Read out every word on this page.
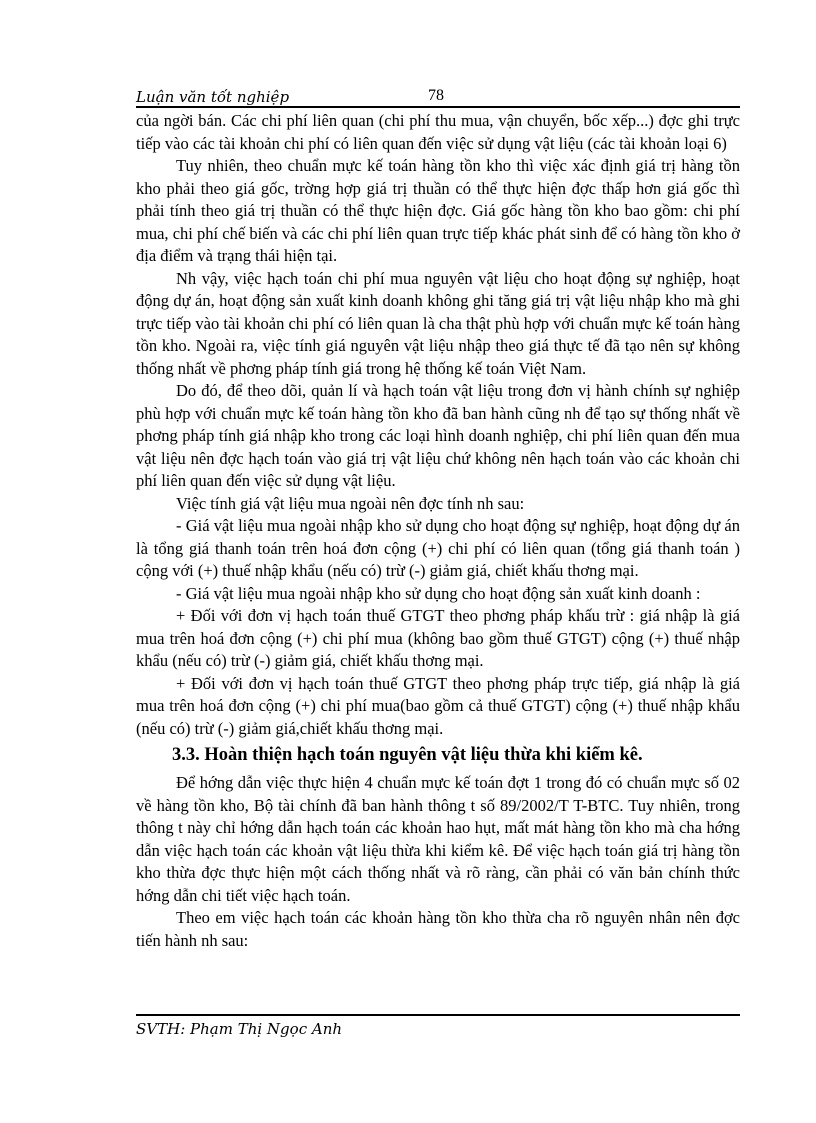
Luận văn tốt nghiệp	78

của ngời bán. Các chi phí liên quan (chi phí thu mua, vận chuyển, bốc xếp...) đợc ghi trực tiếp vào các tài khoản chi phí có liên quan đến việc sử dụng vật liệu (các tài khoản loại 6)

Tuy nhiên, theo chuẩn mực kế toán hàng tồn kho thì việc xác định giá trị hàng tồn kho phải theo giá gốc, trờng hợp giá trị thuần có thể thực hiện đợc thấp hơn giá gốc thì phải tính theo giá trị thuần có thể thực hiện đợc. Giá gốc hàng tồn kho bao gồm: chi phí mua, chi phí chế biến và các chi phí liên quan trực tiếp khác phát sinh để có hàng tồn kho ở địa điểm và trạng thái hiện tại.

Nh vậy, việc hạch toán chi phí mua nguyên vật liệu cho hoạt động sự nghiệp, hoạt động dự án, hoạt động sản xuất kinh doanh không ghi tăng giá trị vật liệu nhập kho mà ghi trực tiếp vào tài khoản chi phí có liên quan là cha thật phù hợp với chuẩn mực kế toán hàng tồn kho. Ngoài ra, việc tính giá nguyên vật liệu nhập theo giá thực tế đã tạo nên sự không thống nhất về phơng pháp tính giá trong hệ thống kế toán Việt Nam.

Do đó, để theo dõi, quản lí và hạch toán vật liệu trong đơn vị hành chính sự nghiệp phù hợp với chuẩn mực kế toán hàng tồn kho đã ban hành cũng nh để tạo sự thống nhất về phơng pháp tính giá nhập kho trong các loại hình doanh nghiệp, chi phí liên quan đến mua vật liệu nên đợc hạch toán vào giá trị vật liệu chứ không nên hạch toán vào các khoản chi phí liên quan đến việc sử dụng vật liệu.

Việc tính giá vật liệu mua ngoài nên đợc tính nh sau:

- Giá vật liệu mua ngoài nhập kho sử dụng cho hoạt động sự nghiệp, hoạt động dự án là tổng giá thanh toán trên hoá đơn cộng (+) chi phí có liên quan (tổng giá thanh toán ) cộng với (+) thuế nhập khẩu (nếu có) trừ (-) giảm giá, chiết khấu thơng mại.

- Giá vật liệu mua ngoài nhập kho sử dụng cho hoạt động sản xuất kinh doanh :

+ Đối với đơn vị hạch toán thuế GTGT theo phơng pháp khấu trừ : giá nhập là giá mua trên hoá đơn cộng (+) chi phí mua (không bao gồm thuế GTGT) cộng (+) thuế nhập khẩu (nếu có) trừ (-) giảm giá, chiết khấu thơng mại.

+ Đối với đơn vị hạch toán thuế GTGT theo phơng pháp trực tiếp, giá nhập là giá mua trên hoá đơn cộng (+) chi phí mua(bao gồm cả thuế GTGT) cộng (+) thuế nhập khẩu (nếu có) trừ (-) giảm giá,chiết khấu thơng mại.

3.3. Hoàn thiện hạch toán nguyên vật liệu thừa khi kiểm kê.

Để hớng dẫn việc thực hiện 4 chuẩn mực kế toán đợt 1 trong đó có chuẩn mực số 02 về hàng tồn kho, Bộ tài chính đã ban hành thông t số 89/2002/T T-BTC. Tuy nhiên, trong thông t này chỉ hớng dẫn hạch toán các khoản hao hụt, mất mát hàng tồn kho mà cha hớng dẫn việc hạch toán các khoản vật liệu thừa khi kiểm kê. Để việc hạch toán giá trị hàng tồn kho thừa đợc thực hiện một cách thống nhất và rõ ràng, cần phải có văn bản chính thức hớng dẫn chi tiết việc hạch toán.

Theo em việc hạch toán các khoản hàng tồn kho thừa cha rõ nguyên nhân nên đợc tiến hành nh sau:

SVTH: Phạm Thị Ngọc Anh
